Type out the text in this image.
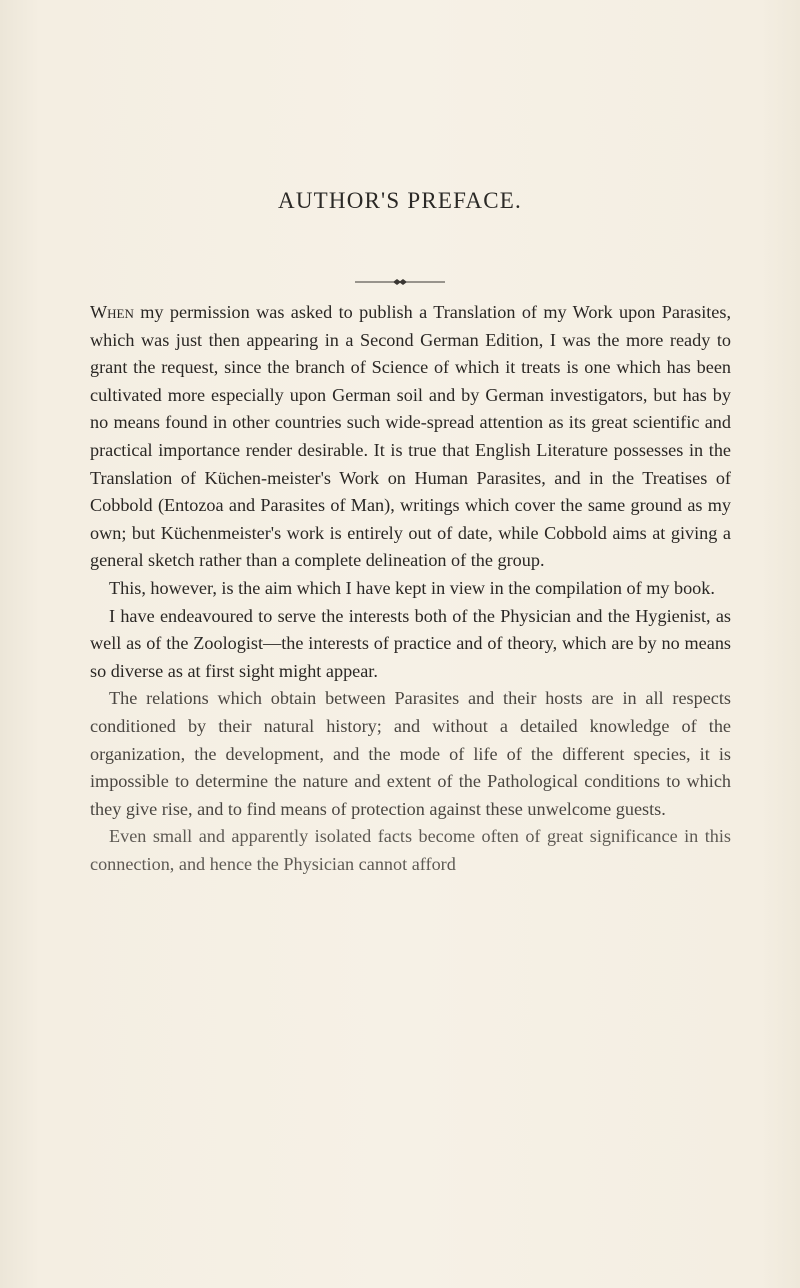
AUTHOR'S PREFACE.

When my permission was asked to publish a Translation of my Work upon Parasites, which was just then appearing in a Second German Edition, I was the more ready to grant the request, since the branch of Science of which it treats is one which has been cultivated more especially upon German soil and by German investigators, but has by no means found in other countries such wide-spread attention as its great scientific and practical importance render desirable. It is true that English Literature possesses in the Translation of Küchen-meister's Work on Human Parasites, and in the Treatises of Cobbold (Entozoa and Parasites of Man), writings which cover the same ground as my own; but Küchenmeister's work is entirely out of date, while Cobbold aims at giving a general sketch rather than a complete delineation of the group.

This, however, is the aim which I have kept in view in the compilation of my book.

I have endeavoured to serve the interests both of the Physician and the Hygienist, as well as of the Zoologist—the interests of practice and of theory, which are by no means so diverse as at first sight might appear.

The relations which obtain between Parasites and their hosts are in all respects conditioned by their natural history; and without a detailed knowledge of the organization, the development, and the mode of life of the different species, it is impossible to determine the nature and extent of the Pathological conditions to which they give rise, and to find means of protection against these unwelcome guests.

Even small and apparently isolated facts become often of great significance in this connection, and hence the Physician cannot afford
